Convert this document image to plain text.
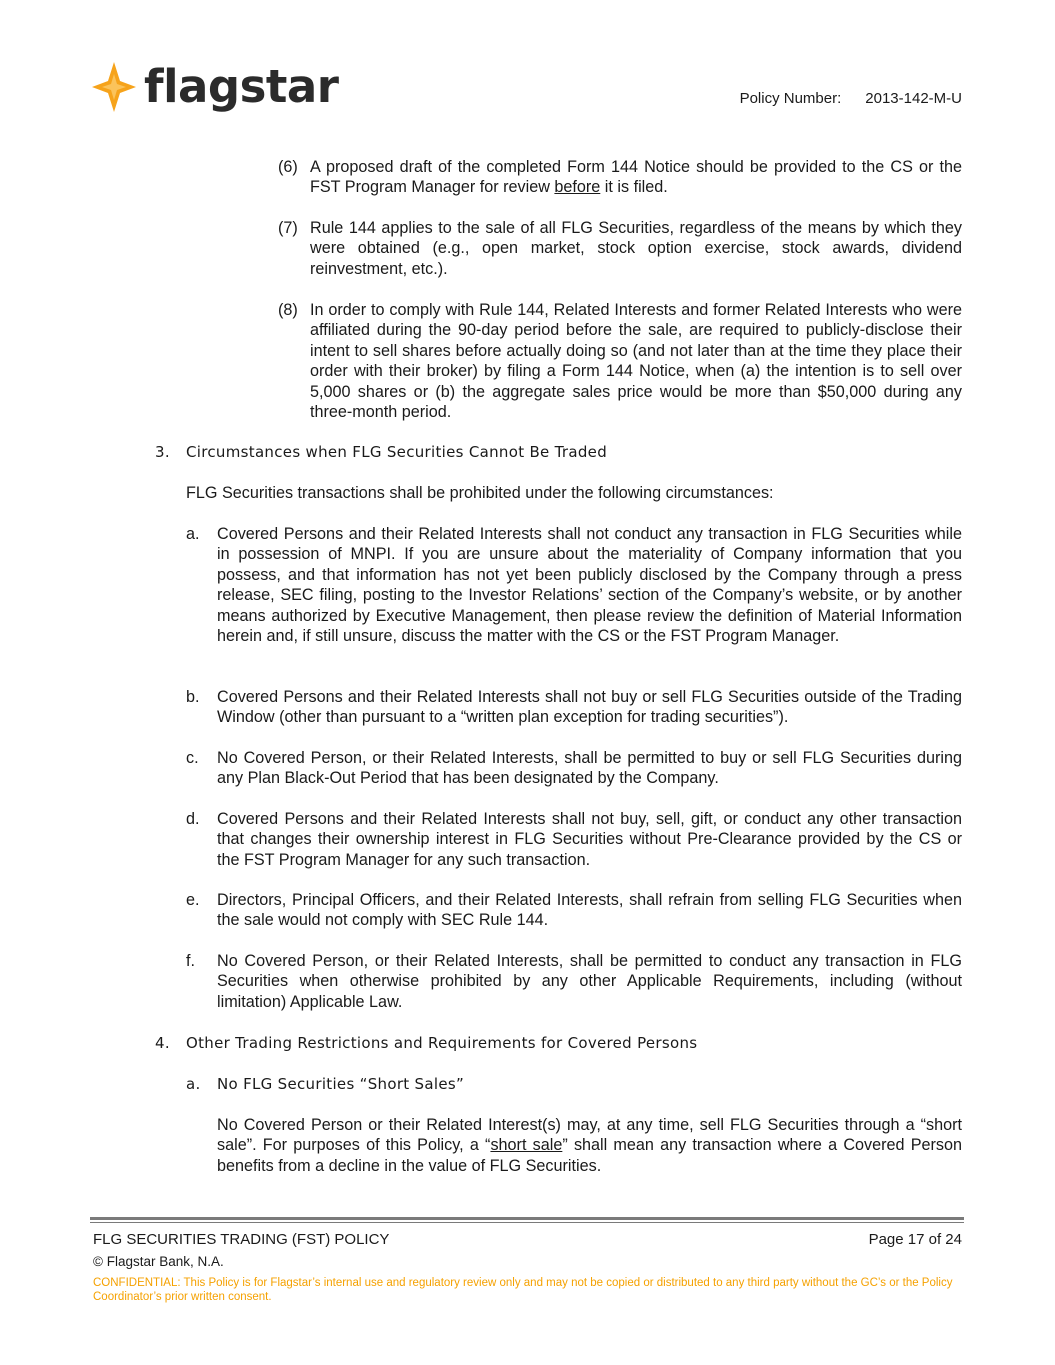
flagstar	Policy Number: 2013-142-M-U
(6) A proposed draft of the completed Form 144 Notice should be provided to the CS or the FST Program Manager for review before it is filed.
(7) Rule 144 applies to the sale of all FLG Securities, regardless of the means by which they were obtained (e.g., open market, stock option exercise, stock awards, dividend reinvestment, etc.).
(8) In order to comply with Rule 144, Related Interests and former Related Interests who were affiliated during the 90-day period before the sale, are required to publicly-disclose their intent to sell shares before actually doing so (and not later than at the time they place their order with their broker) by filing a Form 144 Notice, when (a) the intention is to sell over 5,000 shares or (b) the aggregate sales price would be more than $50,000 during any three-month period.
3.	Circumstances when FLG Securities Cannot Be Traded
FLG Securities transactions shall be prohibited under the following circumstances:
a.	Covered Persons and their Related Interests shall not conduct any transaction in FLG Securities while in possession of MNPI. If you are unsure about the materiality of Company information that you possess, and that information has not yet been publicly disclosed by the Company through a press release, SEC filing, posting to the Investor Relations’ section of the Company’s website, or by another means authorized by Executive Management, then please review the definition of Material Information herein and, if still unsure, discuss the matter with the CS or the FST Program Manager.
b.	Covered Persons and their Related Interests shall not buy or sell FLG Securities outside of the Trading Window (other than pursuant to a “written plan exception for trading securities”).
c.	No Covered Person, or their Related Interests, shall be permitted to buy or sell FLG Securities during any Plan Black-Out Period that has been designated by the Company.
d.	Covered Persons and their Related Interests shall not buy, sell, gift, or conduct any other transaction that changes their ownership interest in FLG Securities without Pre-Clearance provided by the CS or the FST Program Manager for any such transaction.
e.	Directors, Principal Officers, and their Related Interests, shall refrain from selling FLG Securities when the sale would not comply with SEC Rule 144.
f.	No Covered Person, or their Related Interests, shall be permitted to conduct any transaction in FLG Securities when otherwise prohibited by any other Applicable Requirements, including (without limitation) Applicable Law.
4.	Other Trading Restrictions and Requirements for Covered Persons
a.	No FLG Securities “Short Sales”
No Covered Person or their Related Interest(s) may, at any time, sell FLG Securities through a “short sale”. For purposes of this Policy, a “short sale” shall mean any transaction where a Covered Person benefits from a decline in the value of FLG Securities.
FLG SECURITIES TRADING (FST) POLICY	Page 17 of 24
© Flagstar Bank, N.A.
CONFIDENTIAL: This Policy is for Flagstar’s internal use and regulatory review only and may not be copied or distributed to any third party without the GC’s or the Policy Coordinator’s prior written consent.
